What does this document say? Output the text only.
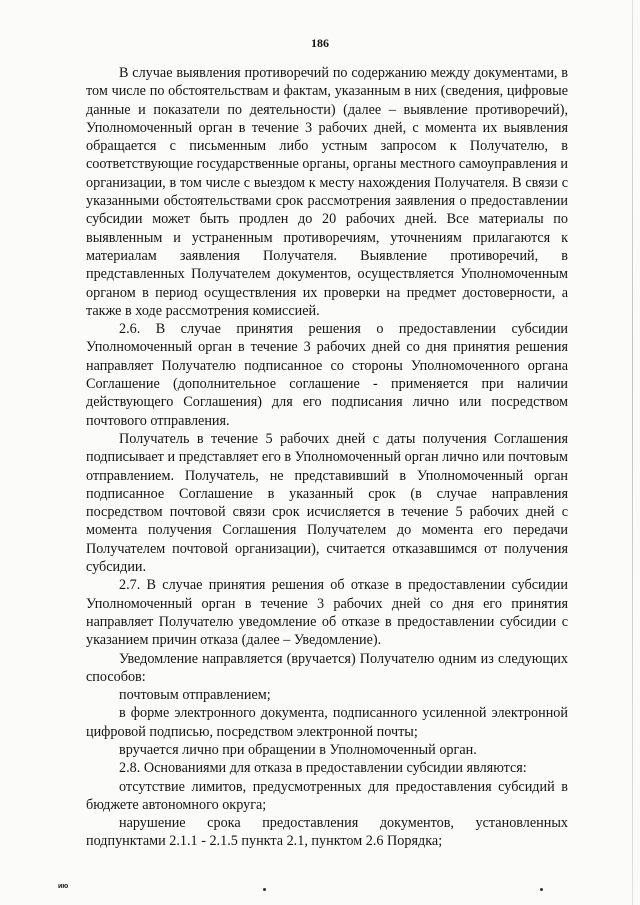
186

В случае выявления противоречий по содержанию между документами, в том числе по обстоятельствам и фактам, указанным в них (сведения, цифровые данные и показатели по деятельности) (далее – выявление противоречий), Уполномоченный орган в течение 3 рабочих дней, с момента их выявления обращается с письменным либо устным запросом к Получателю, в соответствующие государственные органы, органы местного самоуправления и организации, в том числе с выездом к месту нахождения Получателя. В связи с указанными обстоятельствами срок рассмотрения заявления о предоставлении субсидии может быть продлен до 20 рабочих дней. Все материалы по выявленным и устраненным противоречиям, уточнениям прилагаются к материалам заявления Получателя. Выявление противоречий, в представленных Получателем документов, осуществляется Уполномоченным органом в период осуществления их проверки на предмет достоверности, а также в ходе рассмотрения комиссией.

2.6. В случае принятия решения о предоставлении субсидии Уполномоченный орган в течение 3 рабочих дней со дня принятия решения направляет Получателю подписанное со стороны Уполномоченного органа Соглашение (дополнительное соглашение - применяется при наличии действующего Соглашения) для его подписания лично или посредством почтового отправления.

Получатель в течение 5 рабочих дней с даты получения Соглашения подписывает и представляет его в Уполномоченный орган лично или почтовым отправлением. Получатель, не представивший в Уполномоченный орган подписанное Соглашение в указанный срок (в случае направления посредством почтовой связи срок исчисляется в течение 5 рабочих дней с момента получения Соглашения Получателем до момента его передачи Получателем почтовой организации), считается отказавшимся от получения субсидии.

2.7. В случае принятия решения об отказе в предоставлении субсидии Уполномоченный орган в течение 3 рабочих дней со дня его принятия направляет Получателю уведомление об отказе в предоставлении субсидии с указанием причин отказа (далее – Уведомление).

Уведомление направляется (вручается) Получателю одним из следующих способов:

почтовым отправлением;

в форме электронного документа, подписанного усиленной электронной цифровой подписью, посредством электронной почты;

вручается лично при обращении в Уполномоченный орган.

2.8. Основаниями для отказа в предоставлении субсидии являются:

отсутствие лимитов, предусмотренных для предоставления субсидий в бюджете автономного округа;

нарушение срока предоставления документов, установленных подпунктами 2.1.1 - 2.1.5 пункта 2.1, пунктом 2.6 Порядка;

ию
